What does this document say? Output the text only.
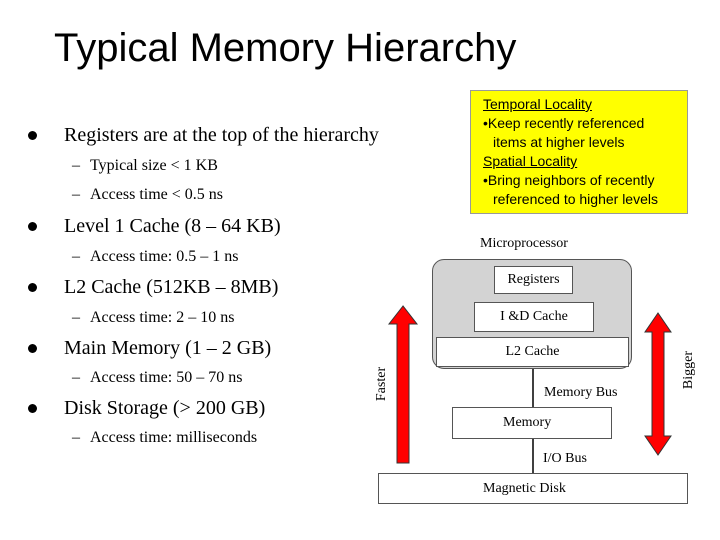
Typical Memory Hierarchy
Registers are at the top of the hierarchy
– Typical size < 1 KB
– Access time < 0.5 ns
Level 1 Cache (8 – 64 KB)
– Access time: 0.5 – 1 ns
L2 Cache (512KB – 8MB)
– Access time: 2 – 10 ns
Main Memory (1 – 2 GB)
– Access time: 50 – 70 ns
Disk Storage (> 200 GB)
– Access time: milliseconds
Temporal Locality
•Keep recently referenced
items at higher levels
Spatial Locality
•Bring neighbors of recently
referenced to higher levels
Microprocessor
Registers
I &D Cache
L2 Cache
Memory Bus
Memory
I/O Bus
Magnetic Disk
Faster	Bigger
